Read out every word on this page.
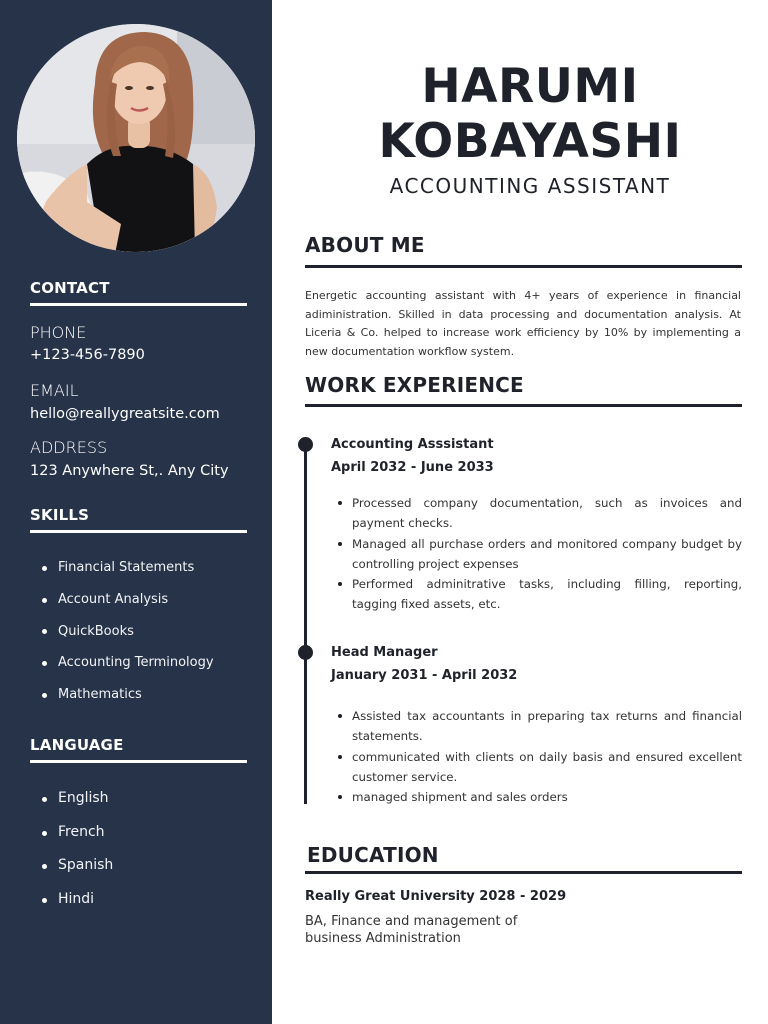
CONTACT
PHONE
+123-456-7890
EMAIL
hello@reallygreatsite.com
ADDRESS
123 Anywhere St,. Any City
SKILLS
Financial Statements
Account Analysis
QuickBooks
Accounting Terminology
Mathematics
LANGUAGE
English
French
Spanish
Hindi
HARUMI
KOBAYASHI
ACCOUNTING ASSISTANT
ABOUT ME

Energetic accounting assistant with 4+ years of experience in financial adiministration. Skilled in data processing and documentation analysis. At Liceria & Co. helped to increase work efficiency by 10% by implementing a new documentation workflow system.

WORK EXPERIENCE
Accounting Asssistant
April 2032 - June 2033
Processed company documentation, such as invoices and payment checks.
Managed all purchase orders and monitored company budget by controlling project expenses
Performed adminitrative tasks, including filling, reporting, tagging fixed assets, etc.
Head Manager
January 2031 - April 2032
Assisted tax accountants in preparing tax returns and financial statements.
communicated with clients on daily basis and ensured excellent customer service.
managed shipment and sales orders
EDUCATION
Really Great University 2028 - 2029
BA, Finance and management of business Administration
